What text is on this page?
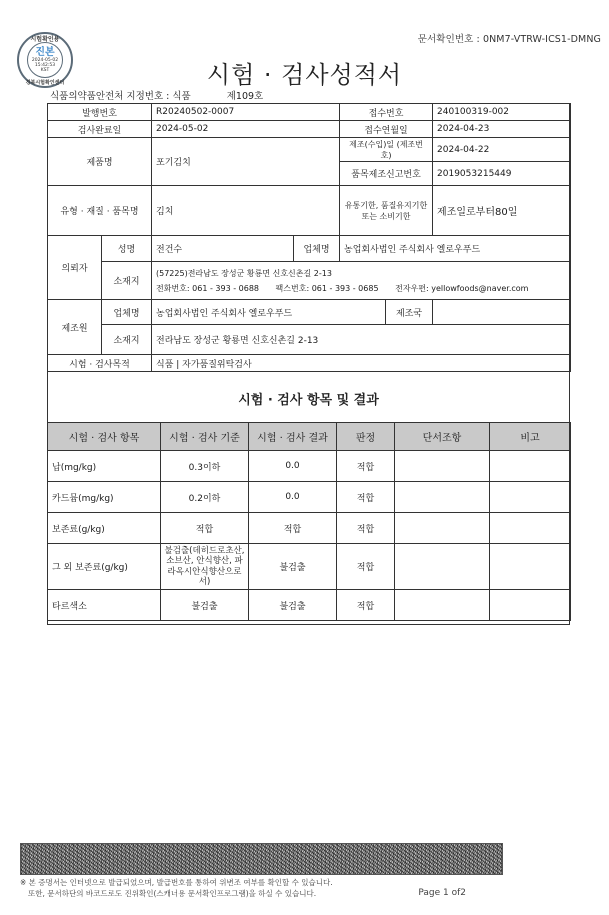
문서확인번호 : 0NM7-VTRW-ICS1-DMNG
시험확인용
진본
2024-05-02
15:42:53
KST
경북시험확인센터	시험 · 검사성적서
식품의약품안전처 지정번호 : 식품	제109호
발행번호		R20240502-0007		접수번호		240100319-002
검사완료일		2024-05-02		접수연월일		2024-04-23
제품명		포기김치		제조(수입)일 (제조번호)		2024-04-22
				품목제조신고번호		2019053215449
유형 · 재질 · 품목명		김치		유통기한, 품질유지기한
또는 소비기한		제조일로부터80일
의뢰자	성명	전건수	업체명	농업회사법인 주식회사 옐로우푸드		
	소재지	(57225)전라남도 장성군 황룡면 신호신촌길 2-13
전화번호: 061 - 393 - 0688 팩스번호: 061 - 393 - 0685 전자우편: yellowfoods@naver.com				

제조원	업체명	농업회사법인 주식회사 옐로우푸드			제조국	
	소재지	전라남도 장성군 황룡면 신호신촌길 2-13				
시험 · 검사목적		식품 | 자가품질위탁검사				
시험 · 검사 항목 및 결과
시험 · 검사 항목	시험 · 검사 기준	시험 · 검사 결과	판정	단서조항	비고
납(mg/kg)	0.3이하	0.0	적합		
카드뮴(mg/kg)	0.2이하	0.0	적합		
보존료(g/kg)	적합	적합	적합		
그 외 보존료(g/kg)	불검출(데히드로초산, 소브산, 안식향산, 파라옥시안식향산으로서)	불검출	적합		
타르색소	불검출	불검출	적합		
※ 본 증명서는 인터넷으로 발급되었으며, 발급번호를 통하여 위변조 여부를 확인할 수 있습니다.
또한, 문서하단의 바코드로도 진위확인(스캐너용 문서확인프로그램)을 하실 수 있습니다.	Page 1 of2
